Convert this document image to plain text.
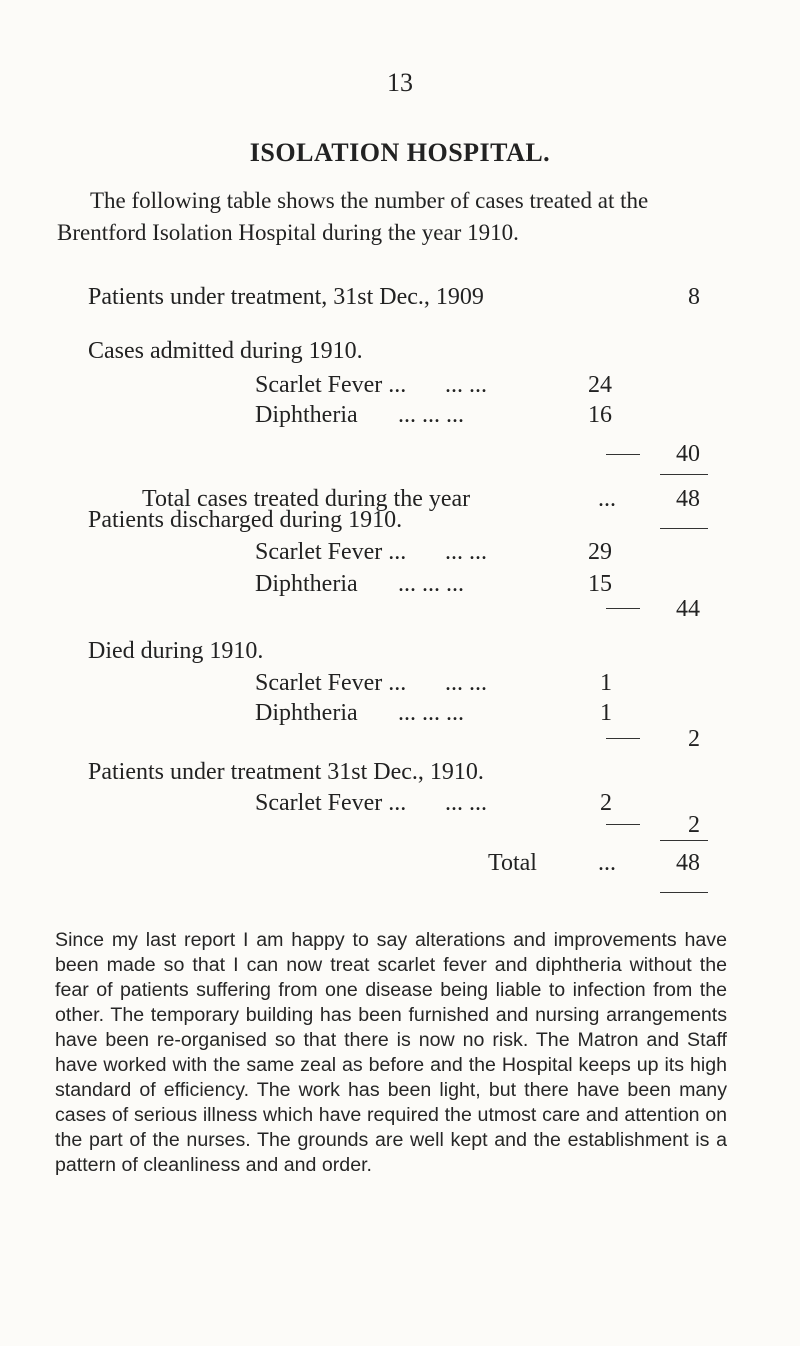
13
ISOLATION HOSPITAL.
The following table shows the number of cases treated at the
Brentford Isolation Hospital during the year 1910.
Patients under treatment, 31st Dec., 1909	8
Cases admitted during 1910.
Scarlet Fever ... ... ...	24
Diphtheria ... ... ...	16
40
Total cases treated during the year	...	48
Patients discharged during 1910.
Scarlet Fever ... ... ...	29
Diphtheria ... ... ...	15
44
Died during 1910.
Scarlet Fever ... ... ...	1
Diphtheria ... ... ...	1
2
Patients under treatment 31st Dec., 1910.
Scarlet Fever ... ... ...	2
2
Total	...	48
Since my last report I am happy to say alterations and improvements have been made so that I can now treat scarlet fever and diphtheria without the fear of patients suffering from one disease being liable to infection from the other. The temporary building has been furnished and nursing arrangements have been re-organised so that there is now no risk. The Matron and Staff have worked with the same zeal as before and the Hospital keeps up its high standard of efficiency. The work has been light, but there have been many cases of serious illness which have required the utmost care and attention on the part of the nurses. The grounds are well kept and the establishment is a pattern of cleanliness and and order.
